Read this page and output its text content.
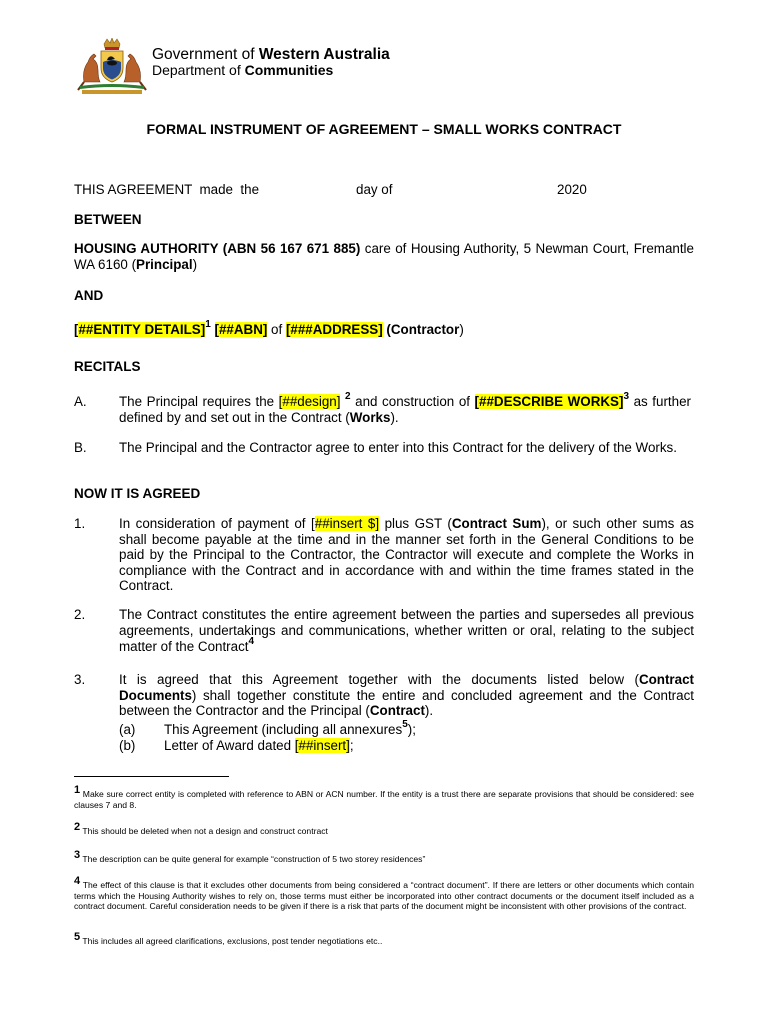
Government of Western Australia
Department of Communities
FORMAL INSTRUMENT OF AGREEMENT – SMALL WORKS CONTRACT
THIS AGREEMENT  made  the	day of	2020
BETWEEN
HOUSING AUTHORITY (ABN 56 167 671 885) care of Housing Authority, 5 Newman Court, Fremantle WA 6160 (Principal)
AND
[##ENTITY DETAILS]$^1$ [##ABN] of [###ADDRESS] (Contractor)
RECITALS
A. The Principal requires the [##design] $^2$ and construction of [##DESCRIBE WORKS]$^3$ as further defined by and set out in the Contract (Works).
B. The Principal and the Contractor agree to enter into this Contract for the delivery of the Works.
NOW IT IS AGREED
1.	In consideration of payment of [##insert $] plus GST (Contract Sum), or such other sums as shall become payable at the time and in the manner set forth in the General Conditions to be paid by the Principal to the Contractor, the Contractor will execute and complete the Works in compliance with the Contract and in accordance with and within the time frames stated in the Contract.
2.	The Contract constitutes the entire agreement between the parties and supersedes all previous agreements, undertakings and communications, whether written or oral, relating to the subject matter of the Contract$^4$
3.	It is agreed that this Agreement together with the documents listed below (Contract Documents) shall together constitute the entire and concluded agreement and the Contract between the Contractor and the Principal (Contract).
(a) This Agreement (including all annexures$^5$);
(b) Letter of Award dated [##insert];
1 Make sure correct entity is completed with reference to ABN or ACN number. If the entity is a trust there are separate provisions that should be considered: see clauses 7 and 8.
2 This should be deleted when not a design and construct contract
3 The description can be quite general for example “construction of 5 two storey residences”
4 The effect of this clause is that it excludes other documents from being considered a “contract document”. If there are letters or other documents which contain terms which the Housing Authority wishes to rely on, those terms must either be incorporated into other contract documents or the document itself included as a contract document. Careful consideration needs to be given if there is a risk that parts of the document might be inconsistent with other provisions of the contract.
5 This includes all agreed clarifications, exclusions, post tender negotiations etc..
